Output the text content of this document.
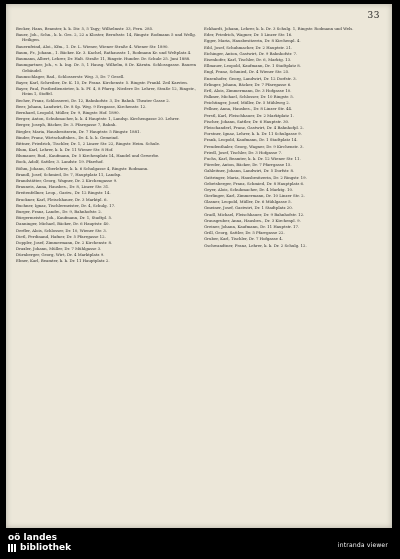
33

Becker, Hans, Beamter, k. k. Dir. 5, 5 Tagy; Wilhelmstr. 33, Fern. 285.

Bauer, Joh., Schn., k. k. Ges. 2, 22 a Kloster, Berufsstr. 14, Ringstr. Rodmann 5 und Wellg. Heiligen.

Bauernfeind, Aloi., Kfm., 1. Dr. L. Wiener, Wiener Straße 4. Wiener Str. 1890.

Baum, Fr., Johann., 1. Bäcker. Kr. 3. Kachel, Rathausstr. 1, Rodmann Kr. und Weltplatz 4.

Baumann, Albert, Lehrer, Dr. Halt. Straße 11, Ringstr. Hunder. Dr. Schule 25. Juni 1888.

Baumgartner, Joh., v. k. Ing. Dr. 5, 1 Hausg. Wilhelm, 8 Dr. Kärntn. Schlossgasse. Bauren Gebäudel.

Baumschlager, Rad., Schlosserstr. Weg. 3, Dr. 7 Gesell.

Bayer, Karl, Schreiber, Dr. K. 15, Dr. Franz. Kirchenstr. 5. Ringstr. Frankl. Zeil Karsten.

Bayer, Paul, Postbediensteter, k. k. Pf. 4, 8 Pfarrg. Niedere Dr. Lehrer, Straße 12, Ringstr., Heim 1, Stoffel.

Becher, Franz, Schlosserei, Dr. 12, Bahnhofstr. 3, Dr. Bahnh. Theater Gasse 2.

Beer, Johann, Landwirt, Dr. 8 Sp. Weg. 9 Erzgasse, Kirchenstr. 12.

Bernhard, Leopold, Müller, Dr. 9, Ringstr. Hof. 1890.

Berger, Anton, Schuhmacher, k. k. 4 Hauptstr. 1, Landsp. Kirchengasse 20. Lehrer.

Berger, Joseph, Bäcker, Dr. 3. Pfarrgasse 7, Bahnh.

Biegler, Maria, Hausbesitzerin, Dr. 7 Hauptstr. 5 Ringstr. 1881.

Binder, Franz, Wirtschaftsbes., Dr. 4. k. k. Gemeind.

Bittner, Friedrich, Tischler, Dr. 1, 2 Linzer Str. 22, Ringstr. Heim. Schule.

Blum, Karl, Lehrer, k. k. Dr. 11 Wiener Str. 8 Hof.

Blumauer, Rud., Kaufmann, Dr. 5 Kirchenplatz 14, Handel und Gewerbe.

Bock, Adolf, Sattler, 3. Landstr. 19. Pfarrhof.

Böhm, Johann, Oberlehrer, k. k. 6 Schulgasse 4, Ringstr. Rodmann.

Brandl, Josef, Schmied, Dr. 7, Hauptplatz 11, Landsp.

Brandstätter, Georg, Wagner, Dr. 2 Kirchengasse 9.

Brauneis, Anna, Hausbes., Dr. 8, Linzer Str. 31.

Breitenfellner, Leop., Gastw., Dr. 12 Ringstr. 14.

Bruckner, Karl, Fleischhauer, Dr. 3 Marktpl. 6.

Buchner, Ignaz, Tischlermeister, Dr. 4, Schulg. 17.

Burger, Franz, Landw., Dr. 9, Bahnhofstr. 2.

Bürgermeister, Joh., Kaufmann, Dr. 1, Stadtpl. 5.

Danninger, Michael, Bäcker, Dr. 6 Hauptstr. 40.

Derfler, Alois, Schlosser, Dr. 10, Wiener Str. 3.

Dietl, Ferdinand, Hafner, Dr. 5 Pfarrgasse 12.

Doppler, Josef, Zimmermann, Dr. 2 Kirchenstr. 8.

Draxler, Johann, Müller, Dr. 7 Mühlgasse 3.

Dürnberger, Georg, Wirt, Dr. 4 Marktplatz 9.

Ebner, Karl, Beamter, k. k. Dr. 11 Hauptplatz 2.

Eckhardt, Johann, Lehrer, k. k. Dr. 3 Schulg. 1, Ringstr. Rodmann und Wels.

Eder, Friedrich, Wagner, Dr. 5 Linzer Str. 16.

Egger, Maria, Hausbesitzerin, Dr. 8 Kirchenpl. 4.

Eibl, Josef, Schuhmacher, Dr. 2 Hauptstr. 21.

Eichinger, Anton, Gastwirt, Dr. 9 Bahnhofstr. 7.

Eisenhofer, Karl, Tischler, Dr. 6, Marktg. 13.

Ellmauer, Leopold, Kaufmann, Dr. 1 Stadtplatz 8.

Engl, Franz, Schmied, Dr. 4 Wiener Str. 25.

Enzenhofer, Georg, Landwirt, Dr. 12 Dorfstr. 3.

Erlinger, Johann, Bäcker, Dr. 7 Pfarrgasse 6.

Ertl, Alois, Zimmermann, Dr. 3 Hofgasse 10.

Falkner, Michael, Schlosser, Dr. 10 Ringstr. 5.

Feichtinger, Josef, Müller, Dr. 5 Mühlweg 2.

Fellner, Anna, Hausbes., Dr. 8 Linzer Str. 44.

Ferstl, Karl, Fleischhauer, Dr. 2 Marktplatz 1.

Fischer, Johann, Sattler, Dr. 6 Hauptstr. 30.

Fleischanderl, Franz, Gastwirt, Dr. 4 Bahnhofpl. 2.

Forstner, Ignaz, Lehrer, k. k. Dr. 11 Schulgasse 9.

Frank, Leopold, Kaufmann, Dr. 1 Stadtplatz 14.

Freudenthaler, Georg, Wagner, Dr. 9 Kirchenstr. 3.

Friedl, Josef, Tischler, Dr. 3 Hofgasse 7.

Fuchs, Karl, Beamter, k. k. Dr. 12 Wiener Str. 11.

Füreder, Anton, Bäcker, Dr. 7 Pfarrgasse 15.

Gahleitner, Johann, Landwirt, Dr. 5 Dorfstr. 8.

Gattringer, Maria, Hausbesitzerin, Dr. 2 Ringstr. 19.

Gebetsberger, Franz, Schmied, Dr. 8 Hauptplatz 6.

Geyer, Alois, Schuhmacher, Dr. 4 Marktg. 10.

Gierlinger, Karl, Zimmermann, Dr. 10 Linzer Str. 2.

Glasner, Leopold, Müller, Dr. 6 Mühlgasse 5.

Gmeiner, Josef, Gastwirt, Dr. 1 Stadtplatz 20.

Gradl, Michael, Fleischhauer, Dr. 9 Bahnhofstr. 12.

Grausgruber, Anna, Hausbes., Dr. 3 Kirchenpl. 9.

Greiner, Johann, Kaufmann, Dr. 11 Hauptstr. 17.

Grill, Georg, Sattler, Dr. 5 Pfarrgasse 22.

Gruber, Karl, Tischler, Dr. 7 Hofgasse 4.

Gschwandtner, Franz, Lehrer, k. k. Dr. 2 Schulg. 12.

oö landes
bibliothek	intranda viewer
